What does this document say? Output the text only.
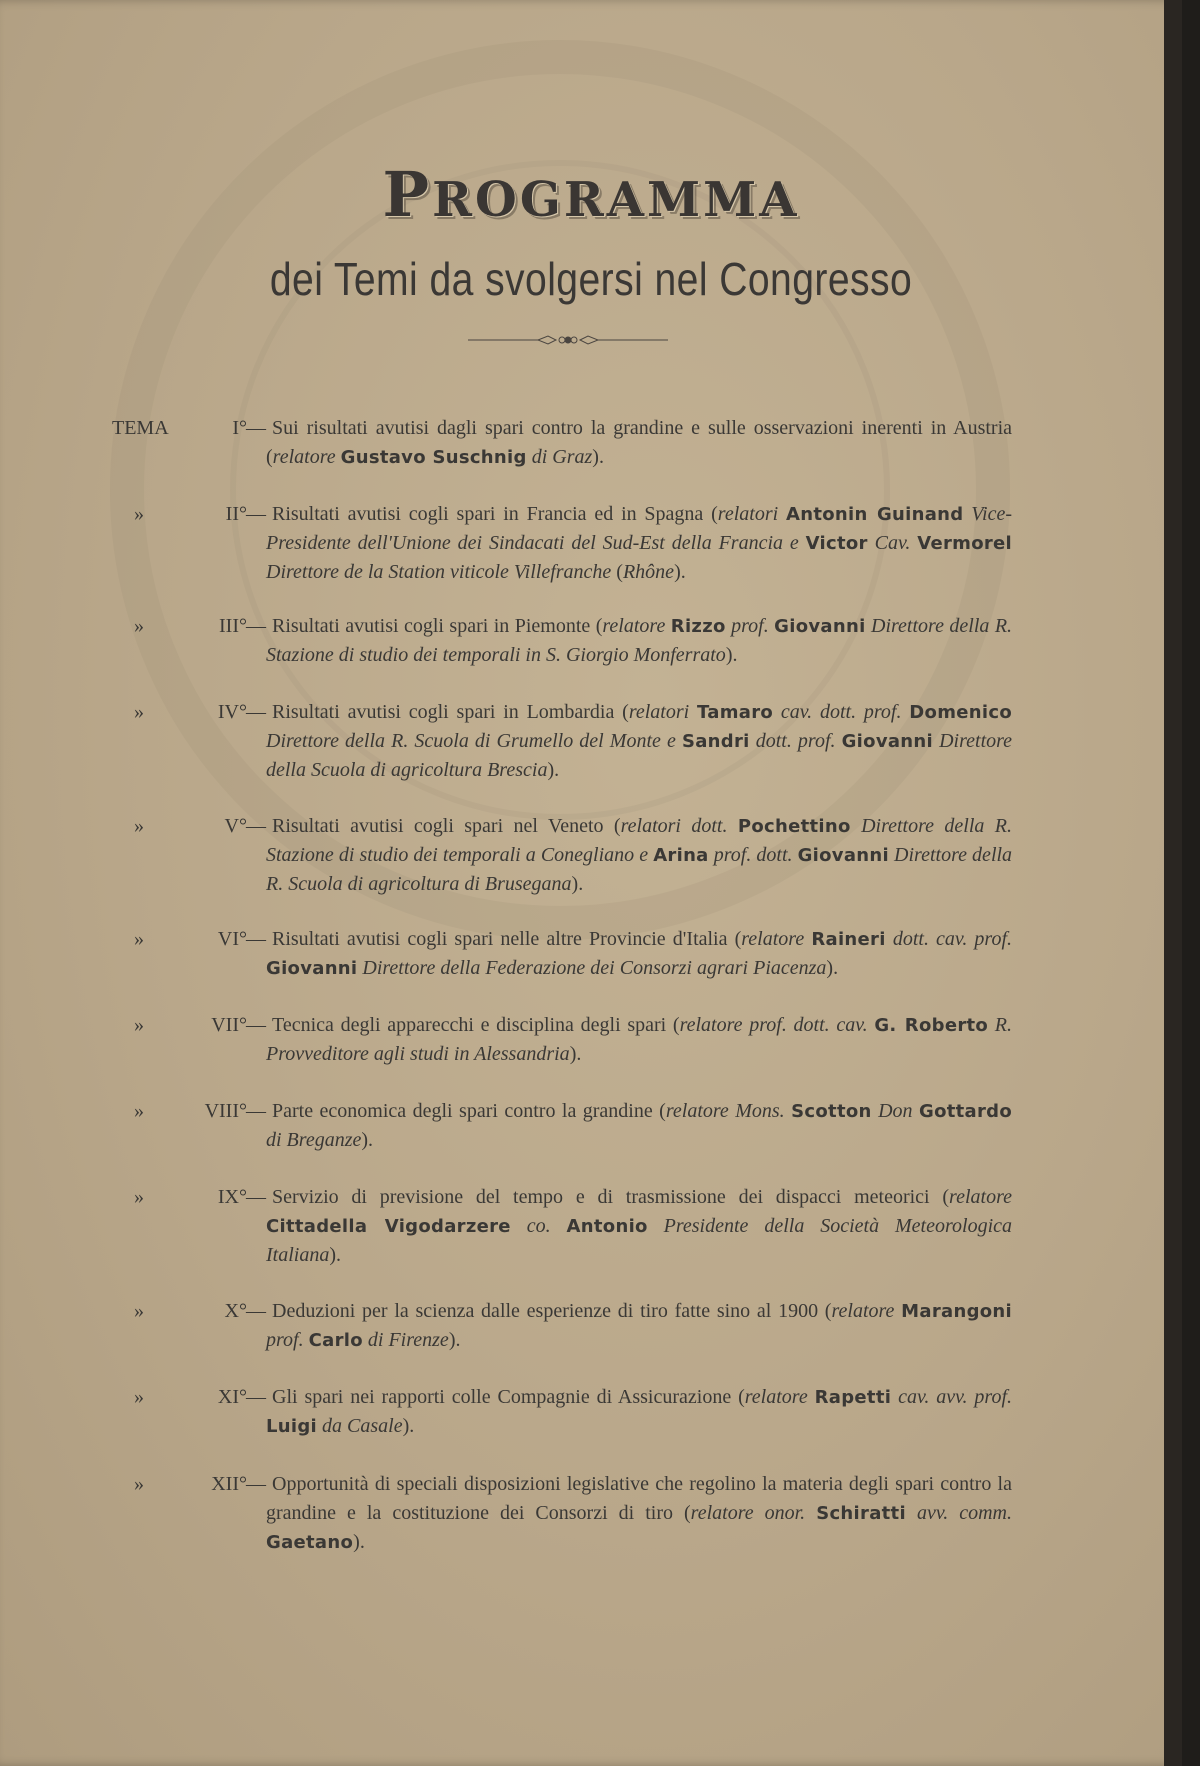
PROGRAMMA
dei Temi da svolgersi nel Congresso
TEMA	I° — Sui risultati avutisi dagli spari contro la grandine e sulle osservazioni inerenti in Austria (relatore Gustavo Suschnig di Graz).
»	II° — Risultati avutisi cogli spari in Francia ed in Spagna (relatori Antonin Guinand Vice-Presidente dell'Unione dei Sindacati del Sud-Est della Francia e Victor Cav. Vermorel Direttore de la Station viticole Villefranche (Rhône).
»	III° — Risultati avutisi cogli spari in Piemonte (relatore Rizzo prof. Giovanni Direttore della R. Stazione di studio dei temporali in S. Giorgio Monferrato).
»	IV° — Risultati avutisi cogli spari in Lombardia (relatori Tamaro cav. dott. prof. Domenico Direttore della R. Scuola di Grumello del Monte e Sandri dott. prof. Giovanni Direttore della Scuola di agricoltura Brescia).
»	V° — Risultati avutisi cogli spari nel Veneto (relatori dott. Pochettino Direttore della R. Stazione di studio dei temporali a Conegliano e Arina prof. dott. Giovanni Direttore della R. Scuola di agricoltura di Brusegana).
»	VI° — Risultati avutisi cogli spari nelle altre Provincie d'Italia (relatore Raineri dott. cav. prof. Giovanni Direttore della Federazione dei Consorzi agrari Piacenza).
»	VII° — Tecnica degli apparecchi e disciplina degli spari (relatore prof. dott. cav. G. Roberto R. Provveditore agli studi in Alessandria).
»	VIII° — Parte economica degli spari contro la grandine (relatore Mons. Scotton Don Gottardo di Breganze).
»	IX° — Servizio di previsione del tempo e di trasmissione dei dispacci meteorici (relatore Cittadella Vigodarzere co. Antonio Presidente della Società Meteorologica Italiana).
»	X° — Deduzioni per la scienza dalle esperienze di tiro fatte sino al 1900 (relatore Marangoni prof. Carlo di Firenze).
»	XI° — Gli spari nei rapporti colle Compagnie di Assicurazione (relatore Rapetti cav. avv. prof. Luigi da Casale).
»	XII° — Opportunità di speciali disposizioni legislative che regolino la materia degli spari contro la grandine e la costituzione dei Consorzi di tiro (relatore onor. Schiratti avv. comm. Gaetano).
